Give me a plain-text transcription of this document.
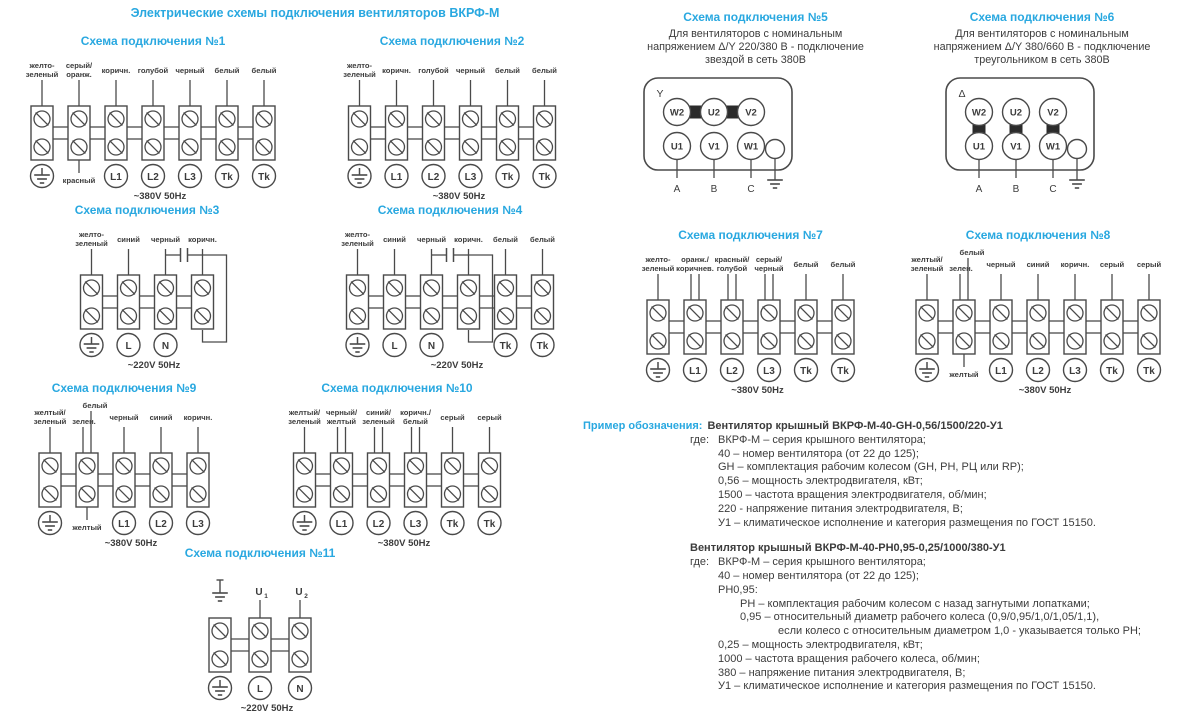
Электрические схемы подключения вентиляторов ВКРФ-М
Схема подключения №1
желто-
зеленый
серый/
оранж.
красный
коричн.
L1
голубой
L2
черный
L3
белый
Tk
белый
Tk
~380V 50Hz
Схема подключения №2
желто-
зеленый коричн.
L1
голубой
L2
черный
L3
белый
Tk
белый
Tk
~380V 50Hz
Схема подключения №3
желто-
зеленый синий
L
черный
N
коричн.
~220V 50Hz
Схема подключения №4
желто-
зеленый синий
L
черный
N
коричн. белый
Tk
белый
Tk
~220V 50Hz
Схема подключения №5
Для вентиляторов с номинальным
напряжением Δ/Y 220/380 В - подключение
звездой в сеть 380В
Y
W2
U1
A
U2
V1
B
V2
W1
C
Схема подключения №6
Для вентиляторов с номинальным
напряжением Δ/Y 380/660 В - подключение
треугольником в сеть 380В
Δ
W2
U1
A
U2
V1
B
V2
W1
C
Схема подключения №7
желто-
зеленый
оранж./
коричнев.
L1
красный/
голубой
L2
серый/
черный
L3
белый
Tk
белый
Tk
~380V 50Hz
Схема подключения №8
желтый/
зеленый зелен.
белый
желтый
черный
L1
синий
L2
коричн.
L3
серый
Tk
серый
Tk
~380V 50Hz
Схема подключения №9
желтый/
зеленый зелен.
белый
желтый
черный
L1
синий
L2
коричн.
L3
~380V 50Hz
Схема подключения №10
желтый/
зеленый
черный/
желтый
L1
синий/
зеленый
L2
коричн./
белый
L3
серый
Tk
серый
Tk
~380V 50Hz
Схема подключения №11
U 1
L
U 2
N
~220V 50Hz
Пример обозначения: Вентилятор крышный ВКРФ-М-40-GH-0,56/1500/220-У1
где: ВКРФ-М – серия крышного вентилятора;
40 – номер вентилятора (от 22 до 125);
GH – комплектация рабочим колесом (GH, РН, РЦ или RP);
0,56 – мощность электродвигателя, кВт;
1500 – частота вращения электродвигателя, об/мин;
220 - напряжение питания электродвигателя, В;
У1 – климатическое исполнение и категория размещения по ГОСТ 15150.
Вентилятор крышный ВКРФ-М-40-РН0,95-0,25/1000/380-У1
где: ВКРФ-М – серия крышного вентилятора;
40 – номер вентилятора (от 22 до 125);
РН0,95:
РН – комплектация рабочим колесом с назад загнутыми лопатками;
0,95 – относительный диаметр рабочего колеса (0,9/0,95/1,0/1,05/1,1),
если колесо с относительным диаметром 1,0 - указывается только РН;
0,25 – мощность электродвигателя, кВт;
1000 – частота вращения рабочего колеса, об/мин;
380 – напряжение питания электродвигателя, В;
У1 – климатическое исполнение и категория размещения по ГОСТ 15150.
